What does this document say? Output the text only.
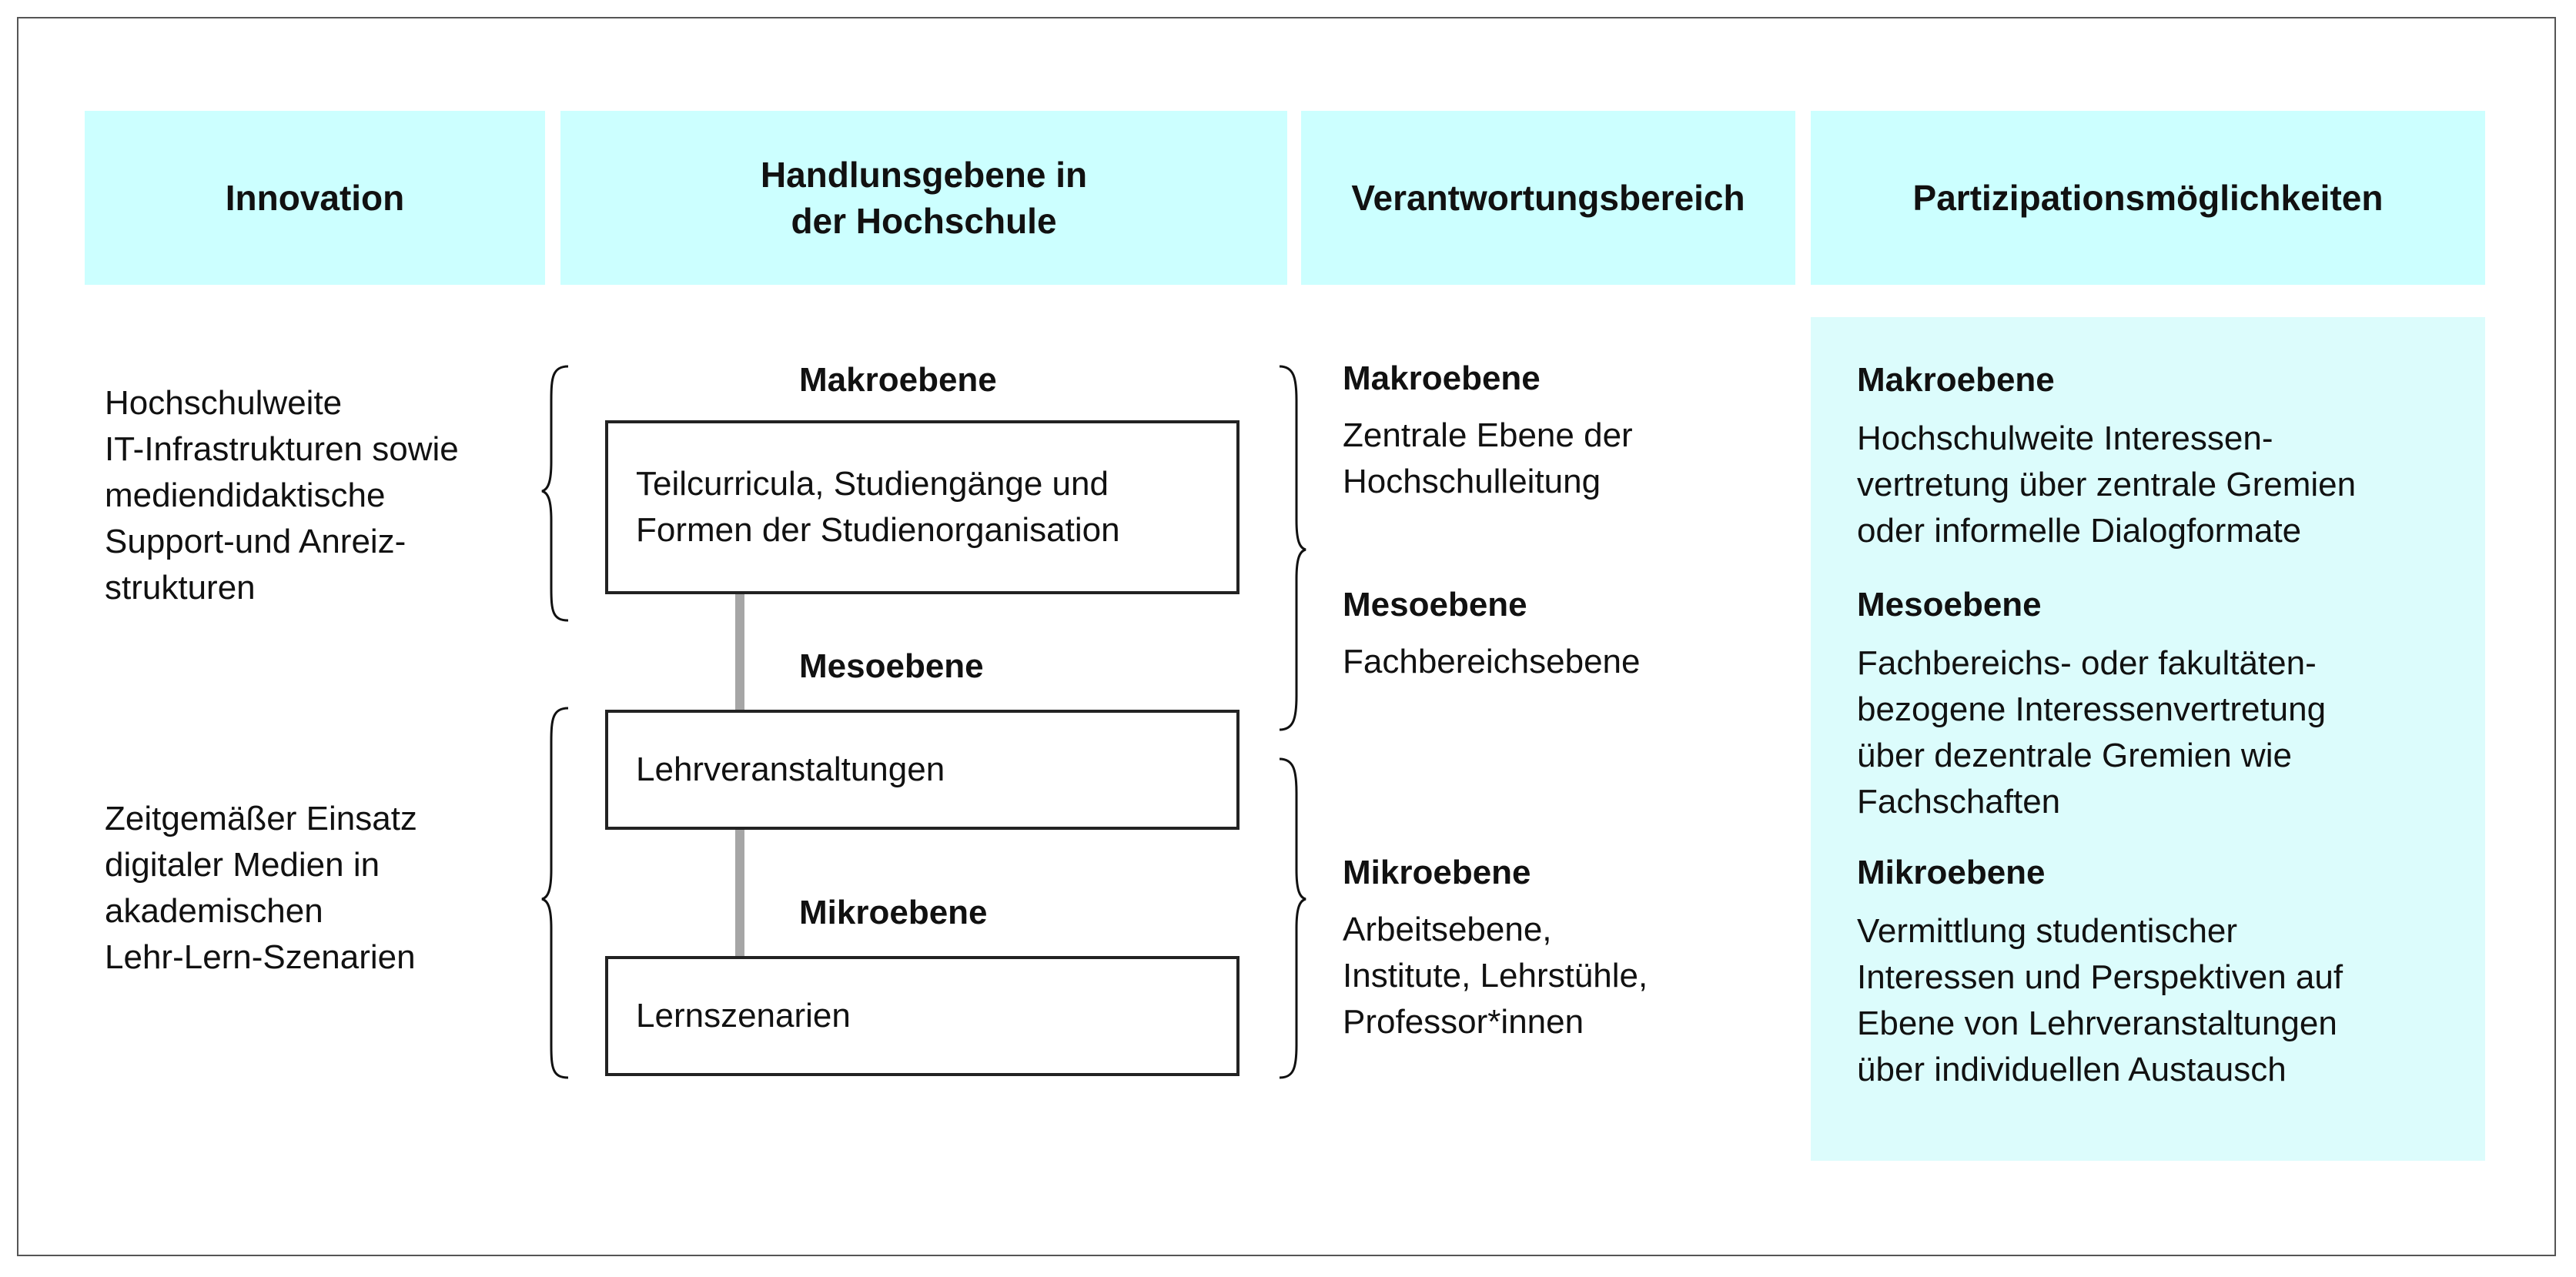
Innovation
Handlunsgebene in
der Hochschule
Verantwortungsbereich	Partizipationsmöglichkeiten
Hochschulweite
IT-Infrastrukturen sowie
mediendidaktische
Support-und Anreiz-
strukturen
Zeitgemäßer Einsatz
digitaler Medien in
akademischen
Lehr-Lern-Szenarien
Makroebene
Teilcurricula, Studiengänge und
Formen der Studienorganisation
Mesoebene
Lehrveranstaltungen
Mikroebene
Lernszenarien
Makroebene
Zentrale Ebene der
Hochschulleitung
Mesoebene
Fachbereichsebene
Mikroebene
Arbeitsebene,
Institute, Lehrstühle,
Professor*innen
Makroebene
Hochschulweite Interessen-
vertretung über zentrale Gremien
oder informelle Dialogformate
Mesoebene
Fachbereichs- oder fakultäten-
bezogene Interessenvertretung
über dezentrale Gremien wie
Fachschaften
Mikroebene
Vermittlung studentischer
Interessen und Perspektiven auf
Ebene von Lehrveranstaltungen
über individuellen Austausch
